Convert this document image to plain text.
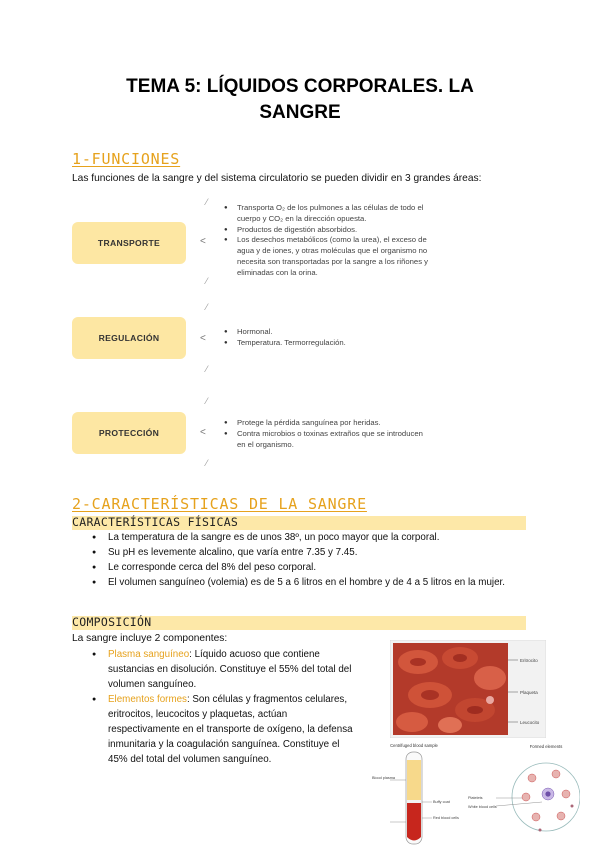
TEMA 5: LÍQUIDOS CORPORALES. LA
SANGRE
1-FUNCIONES
Las funciones de la sangre y del sistema circulatorio se pueden dividir en 3 grandes áreas:
TRANSPORTE
⁄
<
⁄
● Transporta O₂ de los pulmones a las células de todo el cuerpo y CO₂ en la dirección opuesta.
● Productos de digestión absorbidos.
● Los desechos metabólicos (como la urea), el exceso de agua y de iones, y otras moléculas que el organismo no necesita son transportadas por la sangre a los riñones y eliminadas con la orina.
REGULACIÓN
⁄
<
⁄
● Hormonal.
● Temperatura. Termorregulación.
PROTECCIÓN
⁄
<
⁄
● Protege la pérdida sanguínea por heridas.
● Contra microbios o toxinas extraños que se introducen en el organismo.
2-CARACTERÍSTICAS DE LA SANGRE
CARACTERÍSTICAS FÍSICAS
● La temperatura de la sangre es de unos 38º, un poco mayor que la corporal.
● Su pH es levemente alcalino, que varía entre 7.35 y 7.45.
● Le corresponde cerca del 8% del peso corporal.
● El volumen sanguíneo (volemia) es de 5 a 6 litros en el hombre y de 4 a 5 litros en la mujer.
COMPOSICIÓN
La sangre incluye 2 componentes:
● Plasma sanguíneo: Líquido acuoso que contiene sustancias en disolución. Constituye el 55% del total del volumen sanguíneo.
● Elementos formes: Son células y fragmentos celulares, eritrocitos, leucocitos y plaquetas, actúan respectivamente en el transporte de oxígeno, la defensa inmunitaria y la coagulación sanguínea. Constituye el 45% del total del volumen sanguíneo.
Eritrocito
Plaqueta
Leucocito
Centrifuged blood sample
Blood plasma
Buffy coat
Red blood cells
Formed elements
Platelets
White blood cells
